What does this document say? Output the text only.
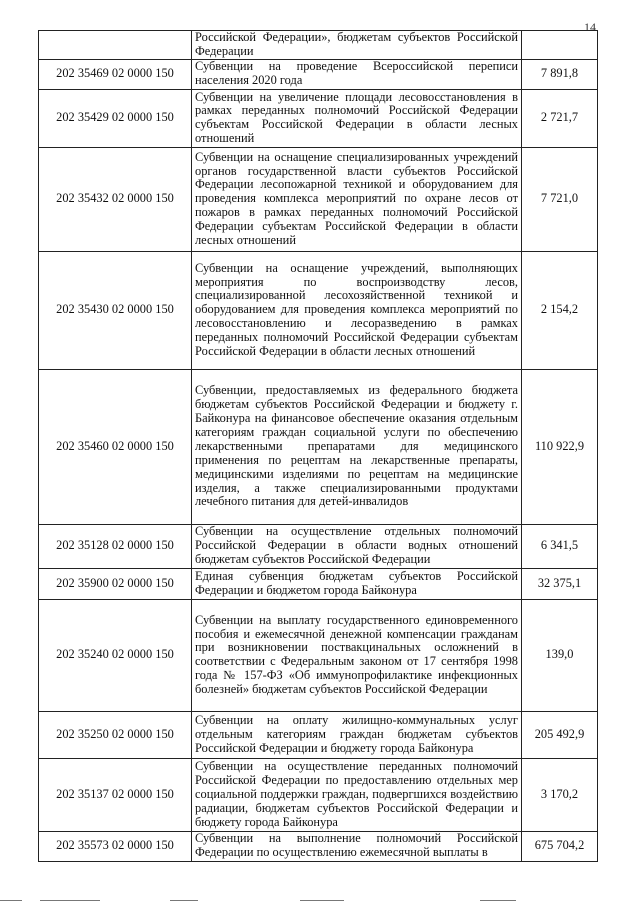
14
	Российской Федерации», бюджетам субъектов Российской Федерации	
202 35469 02 0000 150	Субвенции на проведение Всероссийской переписи населения 2020 года	7 891,8
202 35429 02 0000 150	Субвенции на увеличение площади лесовосстановления в рамках переданных полномочий Российской Федерации субъектам Российской Федерации в области лесных отношений	2 721,7
202 35432 02 0000 150	Субвенции на оснащение специализированных учреждений органов государственной власти субъектов Российской Федерации лесопожарной техникой и оборудованием для проведения комплекса мероприятий по охране лесов от пожаров в рамках переданных полномочий Российской Федерации субъектам Российской Федерации в области лесных отношений	7 721,0
202 35430 02 0000 150	Субвенции на оснащение учреждений, выполняющих мероприятия по воспроизводству лесов, специализированной лесохозяйственной техникой и оборудованием для проведения комплекса мероприятий по лесовосстановлению и лесоразведению в рамках переданных полномочий Российской Федерации субъектам Российской Федерации в области лесных отношений	2 154,2
202 35460 02 0000 150	Субвенции, предоставляемых из федерального бюджета бюджетам субъектов Российской Федерации и бюджету г. Байконура на финансовое обеспечение оказания отдельным категориям граждан социальной услуги по обеспечению лекарственными препаратами для медицинского применения по рецептам на лекарственные препараты, медицинскими изделиями по рецептам на медицинские изделия, а также специализированными продуктами лечебного питания для детей-инвалидов	110 922,9
202 35128 02 0000 150	Субвенции на осуществление отдельных полномочий Российской Федерации в области водных отношений бюджетам субъектов Российской Федерации	6 341,5
202 35900 02 0000 150	Единая субвенция бюджетам субъектов Российской Федерации и бюджетом города Байконура	32 375,1
202 35240 02 0000 150	Субвенции на выплату государственного единовременного пособия и ежемесячной денежной компенсации гражданам при возникновении поствакцинальных осложнений в соответствии с Федеральным законом от 17 сентября 1998 года № 157-ФЗ «Об иммунопрофилактике инфекционных болезней» бюджетам субъектов Российской Федерации	139,0
202 35250 02 0000 150	Субвенции на оплату жилищно-коммунальных услуг отдельным категориям граждан бюджетам субъектов Российской Федерации и бюджету города Байконура	205 492,9
202 35137 02 0000 150	Субвенции на осуществление переданных полномочий Российской Федерации по предоставлению отдельных мер социальной поддержки граждан, подвергшихся воздействию радиации, бюджетам субъектов Российской Федерации и бюджету города Байконура	3 170,2
202 35573 02 0000 150	Субвенции на выполнение полномочий Российской Федерации по осуществлению ежемесячной выплаты в	675 704,2
